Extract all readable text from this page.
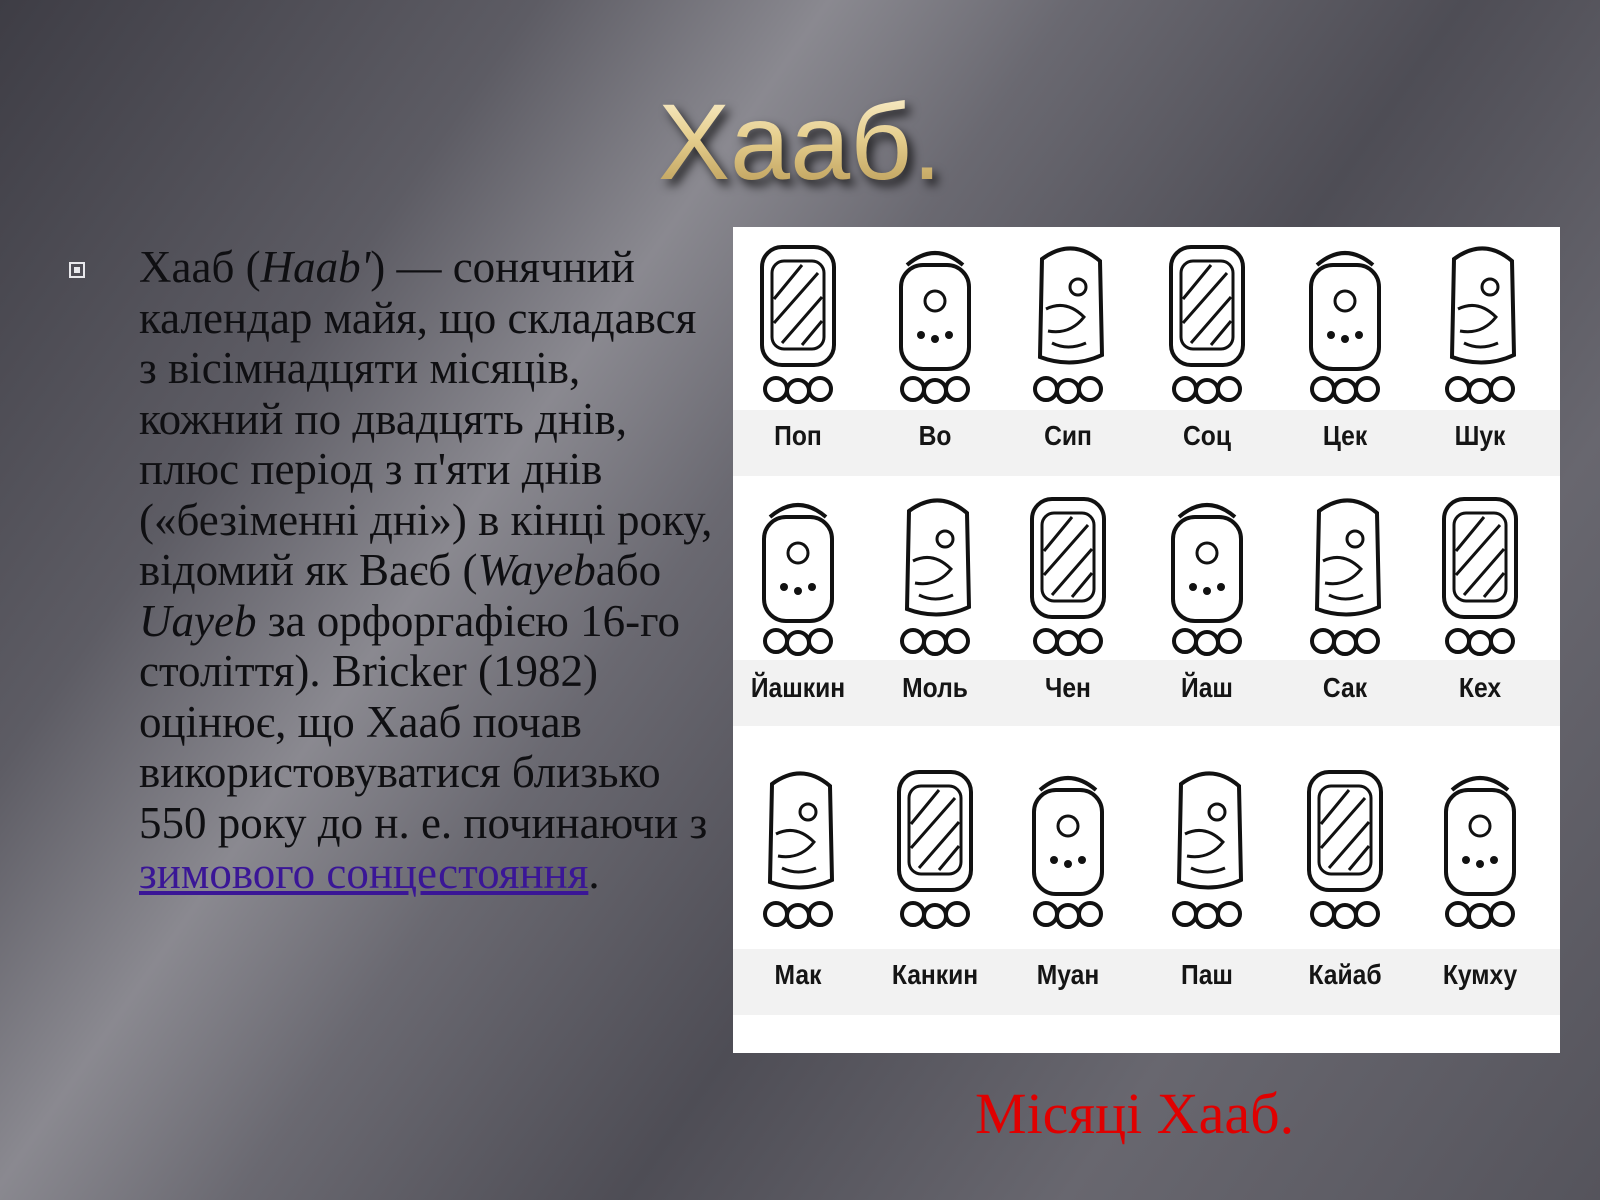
Хааб.
Хааб (Haab') — сонячний календар майя, що складався з вісімнадцяти місяців, кожний по двадцять днів, плюс період з п'яти днів («безіменні дні») в кінці року, відомий як Ваєб (Wayebабо Uayeb за орфоргафією 16-го століття). Bricker (1982) оцінює, що Хааб почав використовуватися близько 550 року до н. е. починаючи з зимового сонцестояння.
Поп	Во	Сип	Соц	Цек	Шук
Йашкин	Моль	Чен	Йаш	Сак	Кех
Мак	Канкин	Муан	Паш	Кайаб	Кумху
Місяці Хааб.
